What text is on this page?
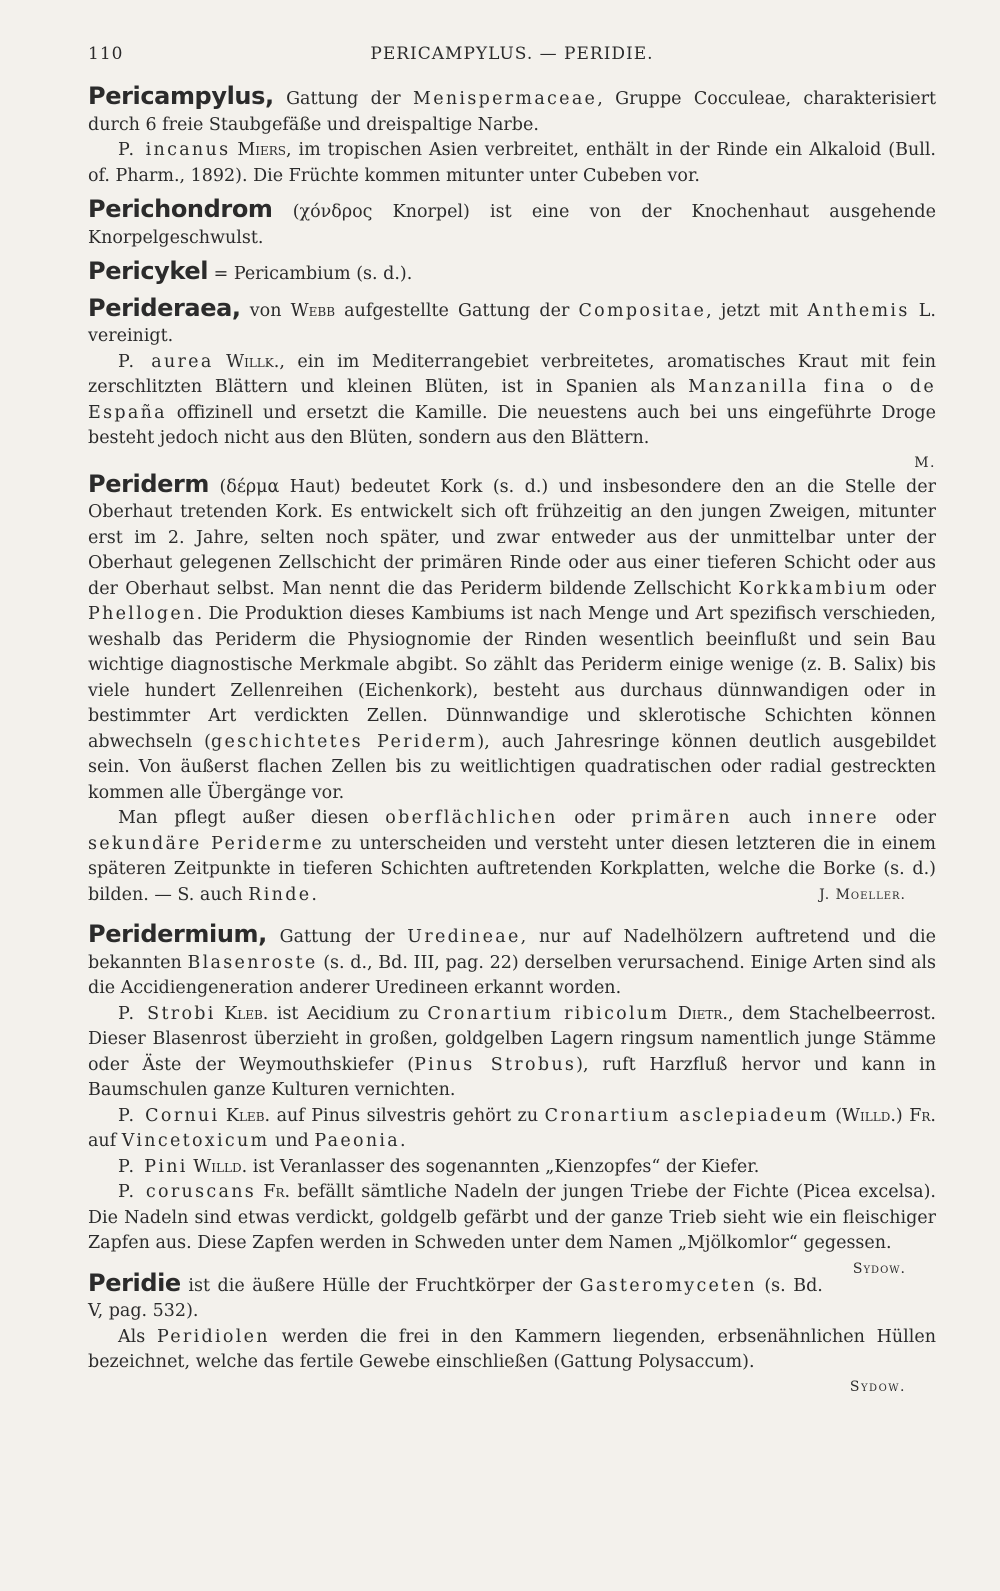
110	PERICAMPYLUS. — PERIDIE.

Pericampylus, Gattung der Menispermaceae, Gruppe Cocculeae, charakterisiert durch 6 freie Staubgefäße und dreispaltige Narbe.

P. incanus Miers, im tropischen Asien verbreitet, enthält in der Rinde ein Alkaloid (Bull. of. Pharm., 1892). Die Früchte kommen mitunter unter Cubeben vor.

Perichondrom (χόνδρος Knorpel) ist eine von der Knochenhaut ausgehende Knorpelgeschwulst.

Pericykel = Pericambium (s. d.).

Perideraea, von Webb aufgestellte Gattung der Compositae, jetzt mit Anthemis L. vereinigt.

P. aurea Willk., ein im Mediterrangebiet verbreitetes, aromatisches Kraut mit fein zerschlitzten Blättern und kleinen Blüten, ist in Spanien als Manzanilla fina o de España offizinell und ersetzt die Kamille. Die neuestens auch bei uns eingeführte Droge besteht jedoch nicht aus den Blüten, sondern aus den Blättern.

M.

Periderm (δέρμα Haut) bedeutet Kork (s. d.) und insbesondere den an die Stelle der Oberhaut tretenden Kork. Es entwickelt sich oft frühzeitig an den jungen Zweigen, mitunter erst im 2. Jahre, selten noch später, und zwar entweder aus der unmittelbar unter der Oberhaut gelegenen Zellschicht der primären Rinde oder aus einer tieferen Schicht oder aus der Oberhaut selbst. Man nennt die das Periderm bildende Zellschicht Korkkambium oder Phellogen. Die Produktion dieses Kambiums ist nach Menge und Art spezifisch verschieden, weshalb das Periderm die Physiognomie der Rinden wesentlich beeinflußt und sein Bau wichtige diagnostische Merkmale abgibt. So zählt das Periderm einige wenige (z. B. Salix) bis viele hundert Zellenreihen (Eichenkork), besteht aus durchaus dünnwandigen oder in bestimmter Art verdickten Zellen. Dünnwandige und sklerotische Schichten können abwechseln (geschichtetes Periderm), auch Jahresringe können deutlich ausgebildet sein. Von äußerst flachen Zellen bis zu weitlichtigen quadratischen oder radial gestreckten kommen alle Übergänge vor.

Man pflegt außer diesen oberflächlichen oder primären auch innere oder sekundäre Periderme zu unterscheiden und versteht unter diesen letzteren die in einem späteren Zeitpunkte in tieferen Schichten auftretenden Korkplatten, welche die Borke (s. d.) bilden. — S. auch Rinde.	J. Moeller.

Peridermium, Gattung der Uredineae, nur auf Nadelhölzern auftretend und die bekannten Blasenroste (s. d., Bd. III, pag. 22) derselben verursachend. Einige Arten sind als die Accidiengeneration anderer Uredineen erkannt worden.

P. Strobi Kleb. ist Aecidium zu Cronartium ribicolum Dietr., dem Stachelbeerrost. Dieser Blasenrost überzieht in großen, goldgelben Lagern ringsum namentlich junge Stämme oder Äste der Weymouthskiefer (Pinus Strobus), ruft Harzfluß hervor und kann in Baumschulen ganze Kulturen vernichten.

P. Cornui Kleb. auf Pinus silvestris gehört zu Cronartium asclepiadeum (Willd.) Fr. auf Vincetoxicum und Paeonia.

P. Pini Willd. ist Veranlasser des sogenannten „Kienzopfes“ der Kiefer.

P. coruscans Fr. befällt sämtliche Nadeln der jungen Triebe der Fichte (Picea excelsa). Die Nadeln sind etwas verdickt, goldgelb gefärbt und der ganze Trieb sieht wie ein fleischiger Zapfen aus. Diese Zapfen werden in Schweden unter dem Namen „Mjölkomlor“ gegessen.
Sydow.

Peridie ist die äußere Hülle der Fruchtkörper der Gasteromyceten (s. Bd. V, pag. 532).

Als Peridiolen werden die frei in den Kammern liegenden, erbsenähnlichen Hüllen bezeichnet, welche das fertile Gewebe einschließen (Gattung Polysaccum).

Sydow.
